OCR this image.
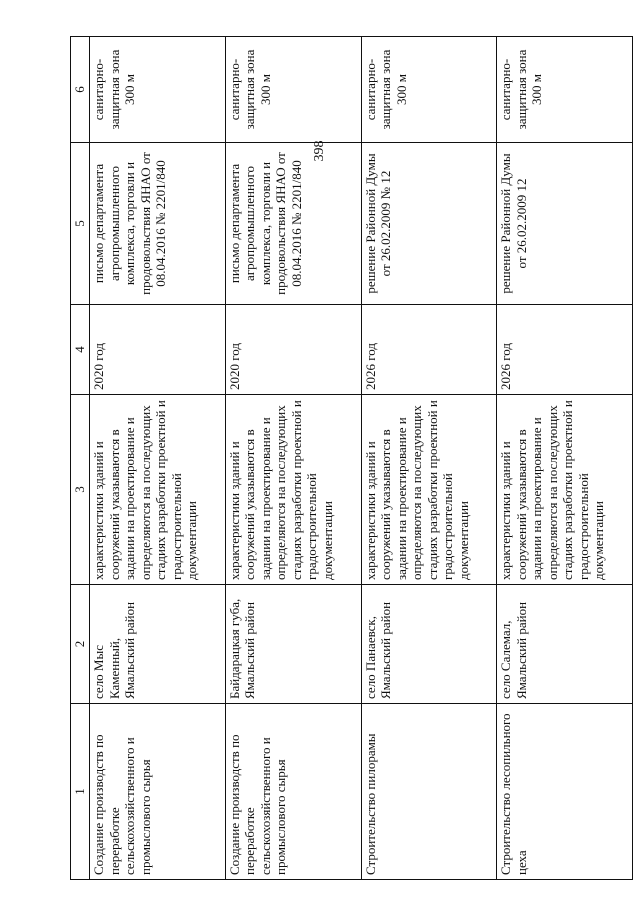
398
1	2	3	4	5	6

Создание производств по переработке сельскохозяйственного и промыслового сырья	село Мыс Каменный, Ямальский район	характеристики зданий и сооружений указываются в задании на проектирование и определяются на последующих стадиях разработки проектной и градостроительной документации	2020 год	письмо департамента агропромышленного комплекса, торговли и продовольствия ЯНАО от 08.04.2016 № 2201/840	санитарно-защитная зона 300 м

Создание производств по переработке сельскохозяйственного и промыслового сырья	Байдарацкая губа, Ямальский район	характеристики зданий и сооружений указываются в задании на проектирование и определяются на последующих стадиях разработки проектной и градостроительной документации	2020 год	письмо департамента агропромышленного комплекса, торговли и продовольствия ЯНАО от 08.04.2016 № 2201/840	санитарно-защитная зона 300 м

Строительство пилорамы	село Панаевск, Ямальский район	характеристики зданий и сооружений указываются в задании на проектирование и определяются на последующих стадиях разработки проектной и градостроительной документации	2026 год	решение Районной Думы от 26.02.2009 № 12	санитарно-защитная зона 300 м

Строительство лесопильного цеха	село Салемал, Ямальский район	характеристики зданий и сооружений указываются в задании на проектирование и определяются на последующих стадиях разработки проектной и градостроительной документации	2026 год	решение Районной Думы от 26.02.2009 12	санитарно-защитная зона 300 м
